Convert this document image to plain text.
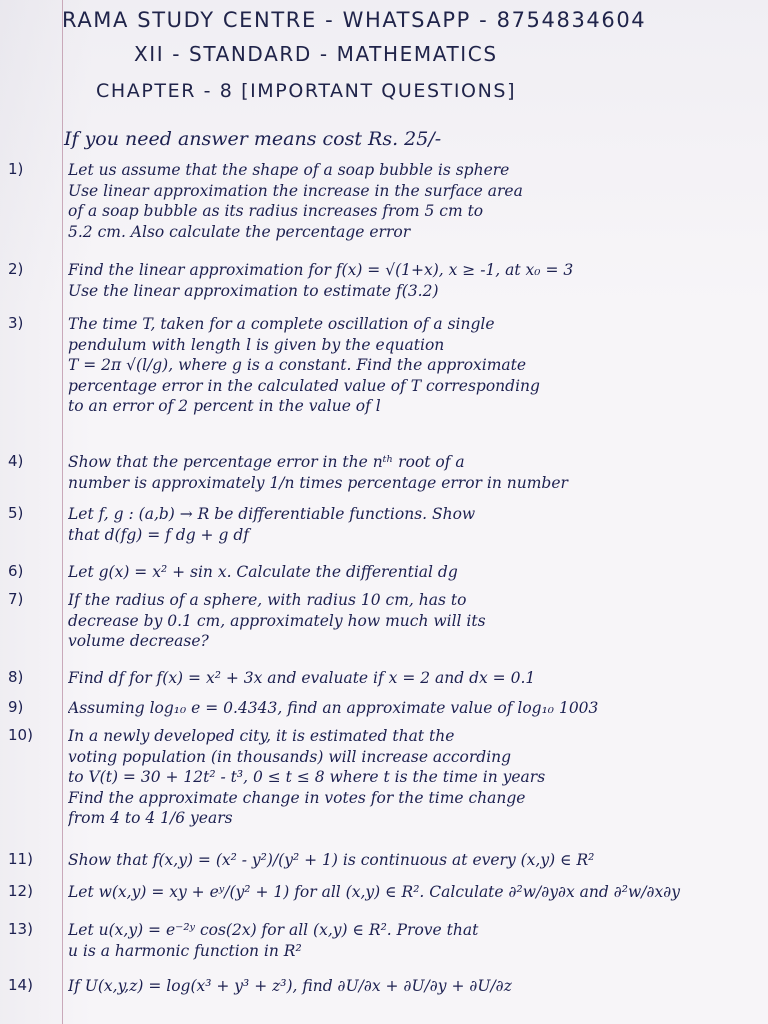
RAMA STUDY CENTRE - WHATSAPP - 8754834604
XII - STANDARD - MATHEMATICS
CHAPTER - 8 [IMPORTANT QUESTIONS]
If you need answer means cost Rs. 25/-
1)	Let us assume that the shape of a soap bubble is sphere
Use linear approximation the increase in the surface area
of a soap bubble as its radius increases from 5 cm to
5.2 cm. Also calculate the percentage error
2)	Find the linear approximation for f(x) = √(1+x), x ≥ -1, at x₀ = 3
Use the linear approximation to estimate f(3.2)
3)	The time T, taken for a complete oscillation of a single
pendulum with length l is given by the equation
T = 2π √(l/g), where g is a constant. Find the approximate
percentage error in the calculated value of T corresponding
to an error of 2 percent in the value of l
4)	Show that the percentage error in the nᵗʰ root of a
number is approximately 1/n times percentage error in number
5)	Let f, g : (a,b) → R be differentiable functions. Show
that d(fg) = f dg + g df
6)	Let g(x) = x² + sin x. Calculate the differential dg
7)	If the radius of a sphere, with radius 10 cm, has to
decrease by 0.1 cm, approximately how much will its
volume decrease?
8)	Find df for f(x) = x² + 3x and evaluate if x = 2 and dx = 0.1
9)	Assuming log₁₀ e = 0.4343, find an approximate value of log₁₀ 1003
10)	In a newly developed city, it is estimated that the
voting population (in thousands) will increase according
to V(t) = 30 + 12t² - t³, 0 ≤ t ≤ 8 where t is the time in years
Find the approximate change in votes for the time change
from 4 to 4 1/6 years
11)	Show that f(x,y) = (x² - y²)/(y² + 1) is continuous at every (x,y) ∈ R²
12)	Let w(x,y) = xy + eʸ/(y² + 1) for all (x,y) ∈ R². Calculate ∂²w/∂y∂x and ∂²w/∂x∂y
13)	Let u(x,y) = e⁻²ʸ cos(2x) for all (x,y) ∈ R². Prove that
u is a harmonic function in R²
14)	If U(x,y,z) = log(x³ + y³ + z³), find ∂U/∂x + ∂U/∂y + ∂U/∂z
